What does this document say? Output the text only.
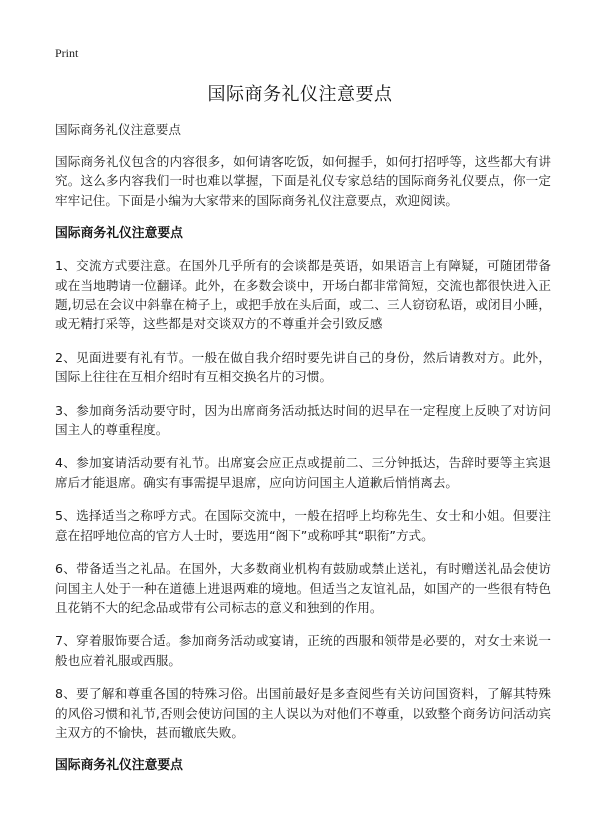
Print
国际商务礼仪注意要点

国际商务礼仪注意要点

国际商务礼仪包含的内容很多，如何请客吃饭，如何握手，如何打招呼等，这些都大有讲究。这么多内容我们一时也难以掌握，下面是礼仪专家总结的国际商务礼仪要点，你一定牢牢记住。下面是小编为大家带来的国际商务礼仪注意要点，欢迎阅读。

国际商务礼仪注意要点

1、交流方式要注意。在国外几乎所有的会谈都是英语，如果语言上有障疑，可随团带备或在当地聘请一位翻译。此外，在多数会谈中，开场白都非常简短，交流也都很快进入正题,切忌在会议中斜靠在椅子上，或把手放在头后面，或二、三人窃窃私语，或闭目小睡，或无精打采等，这些都是对交谈双方的不尊重并会引致反感

2、见面进要有礼有节。一般在做自我介绍时要先讲自己的身份，然后请教对方。此外，国际上往往在互相介绍时有互相交换名片的习惯。

3、参加商务活动要守时，因为出席商务活动抵达时间的迟早在一定程度上反映了对访问国主人的尊重程度。

4、参加宴请活动要有礼节。出席宴会应正点或提前二、三分钟抵达，告辞时要等主宾退席后才能退席。确实有事需提早退席，应向访问国主人道歉后悄悄离去。

5、选择适当之称呼方式。在国际交流中，一般在招呼上均称先生、女士和小姐。但要注意在招呼地位高的官方人士时，要选用“阁下”或称呼其“职衔”方式。

6、带备适当之礼品。在国外，大多数商业机构有鼓励或禁止送礼，有时赠送礼品会使访问国主人处于一种在道德上进退两难的境地。但适当之友谊礼品，如国产的一些很有特色且花销不大的纪念品或带有公司标志的意义和独到的作用。

7、穿着服饰要合适。参加商务活动或宴请，正统的西服和领带是必要的，对女士来说一般也应着礼服或西服。

8、要了解和尊重各国的特殊习俗。出国前最好是多查阅些有关访问国资料，了解其特殊的风俗习惯和礼节,否则会使访问国的主人误以为对他们不尊重，以致整个商务访问活动宾主双方的不愉快，甚而辙底失败。

国际商务礼仪注意要点
